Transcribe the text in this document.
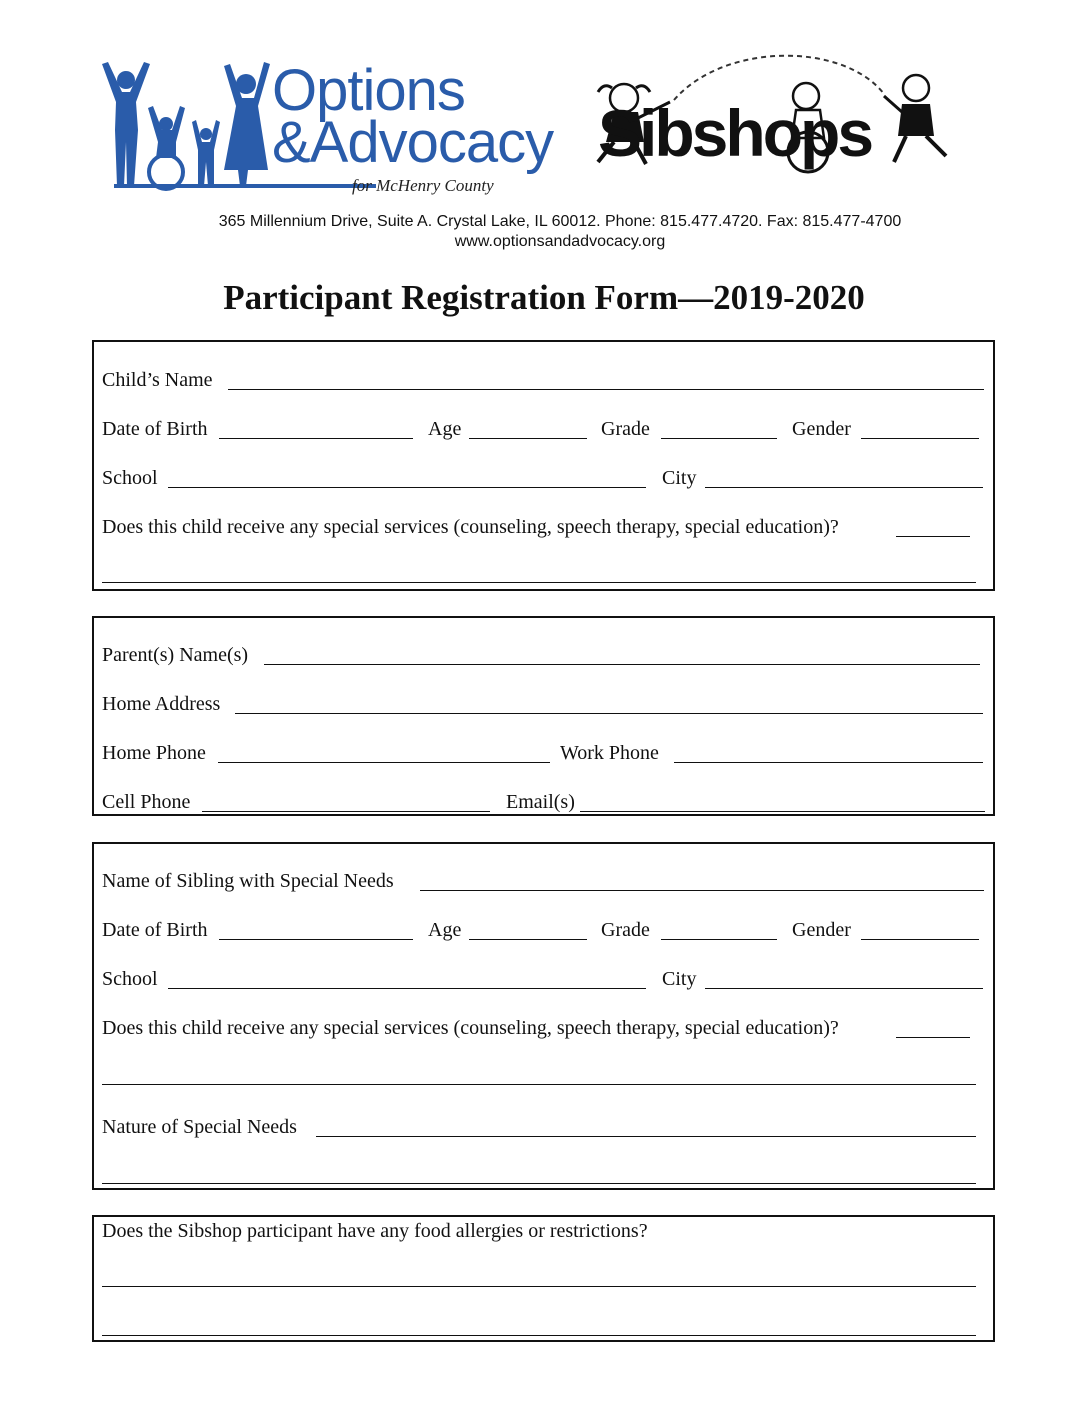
Options
&Advocacy
for McHenry County
Sibshops
365 Millennium Drive, Suite A. Crystal Lake, IL 60012. Phone: 815.477.4720. Fax: 815.477-4700
www.optionsandadvocacy.org
Participant Registration Form—2019-2020
Child’s Name
Date of Birth	Age	Grade	Gender
School	City
Does this child receive any special services (counseling, speech therapy, special education)?
Parent(s) Name(s)
Home Address
Home Phone	Work Phone
Cell Phone	Email(s)
Name of Sibling with Special Needs
Date of Birth	Age	Grade	Gender
School	City
Does this child receive any special services (counseling, speech therapy, special education)?
Nature of Special Needs
Does the Sibshop participant have any food allergies or restrictions?
